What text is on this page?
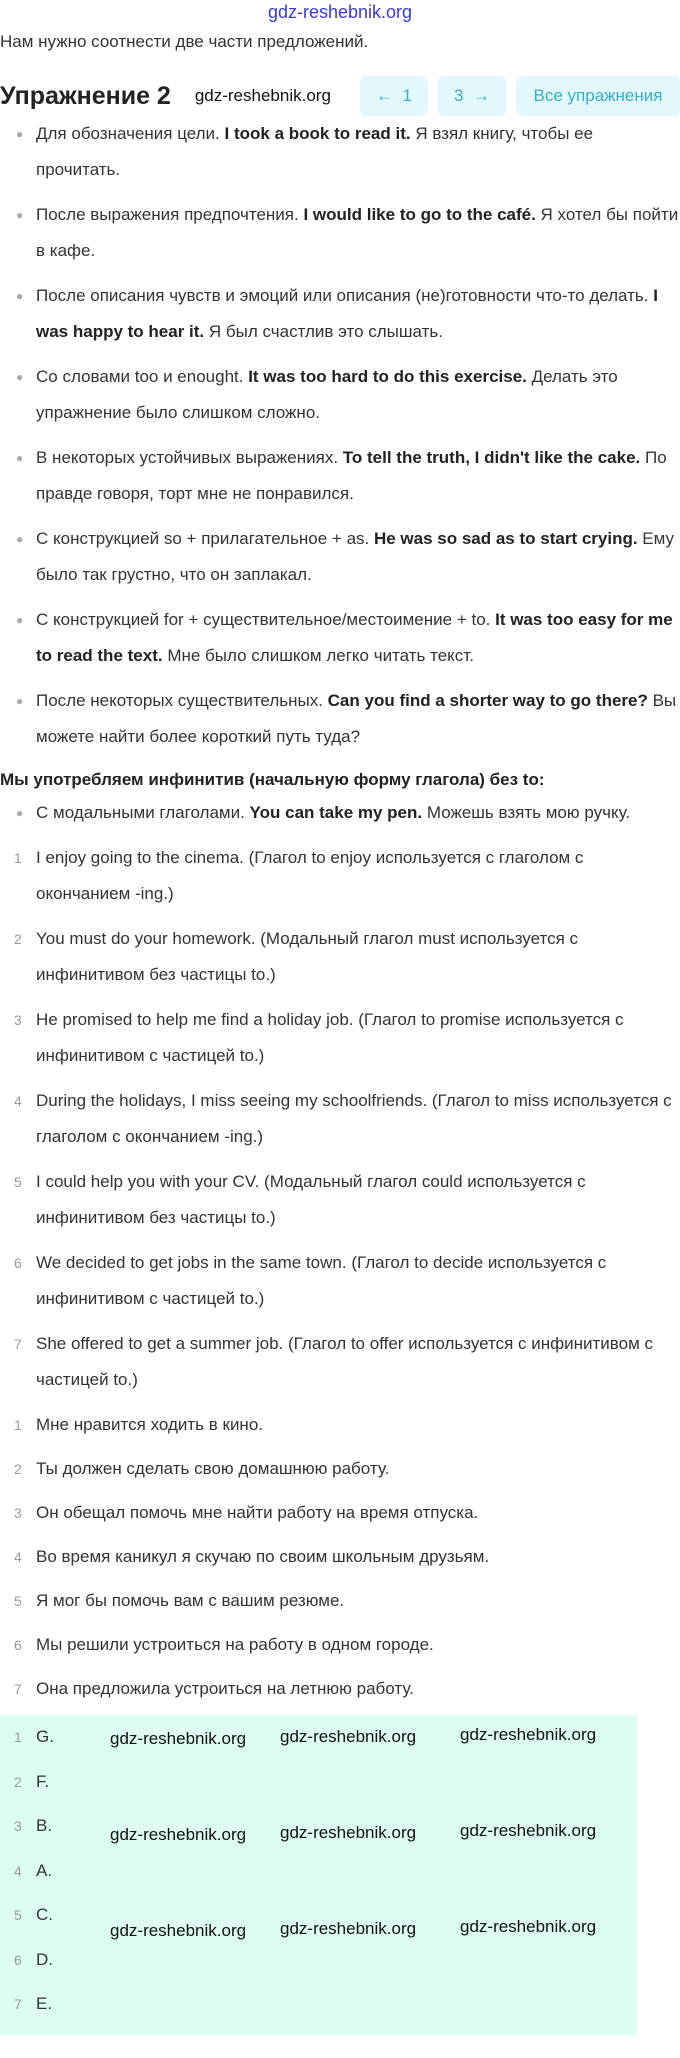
gdz-reshebnik.org
Нам нужно соотнести две части предложений.
Упражнение 2 gdz-reshebnik.org	← 1 3 →	Все упражнения
● Для обозначения цели. I took a book to read it. Я взял книгу, чтобы ее прочитать.
● После выражения предпочтения. I would like to go to the café. Я хотел бы пойти в кафе.
● После описания чувств и эмоций или описания (не)готовности что-то делать. I was happy to hear it. Я был счастлив это слышать.
● Со словами too и enought. It was too hard to do this exercise. Делать это упражнение было слишком сложно.
● В некоторых устойчивых выражениях. To tell the truth, I didn't like the cake. По правде говоря, торт мне не понравился.
● С конструкцией so + прилагательное + as. He was so sad as to start crying. Ему было так грустно, что он заплакал.
● С конструкцией for + существительное/местоимение + to. It was too easy for me to read the text. Мне было слишком легко читать текст.
● После некоторых существительных. Can you find a shorter way to go there? Вы можете найти более короткий путь туда?
Мы употребляем инфинитив (начальную форму глагола) без to:
● С модальными глаголами. You can take my pen. Можешь взять мою ручку.
1 I enjoy going to the cinema. (Глагол to enjoy используется с глаголом с окончанием -ing.)
2 You must do your homework. (Модальный глагол must используется с инфинитивом без частицы to.)
3 He promised to help me find a holiday job. (Глагол to promise используется с инфинитивом с частицей to.)
4 During the holidays, I miss seeing my schoolfriends. (Глагол to miss используется с глаголом с окончанием -ing.)
5 I could help you with your CV. (Модальный глагол could используется с инфинитивом без частицы to.)
6 We decided to get jobs in the same town. (Глагол to decide используется с инфинитивом с частицей to.)
7 She offered to get a summer job. (Глагол to offer используется с инфинитивом с частицей to.)
1 Мне нравится ходить в кино.
2 Ты должен сделать свою домашнюю работу.
3 Он обещал помочь мне найти работу на время отпуска.
4 Во время каникул я скучаю по своим школьным друзьям.
5 Я мог бы помочь вам с вашим резюме.
6 Мы решили устроиться на работу в одном городе.
7 Она предложила устроиться на летнюю работу.
1 G.
2 F.
3 B.
4 A.
5 C.
6 D.
7 E.
gdz-reshebnik.org gdz-reshebnik.org	gdz-reshebnik.org
gdz-reshebnik.org gdz-reshebnik.org	gdz-reshebnik.org
gdz-reshebnik.org gdz-reshebnik.org	gdz-reshebnik.org
